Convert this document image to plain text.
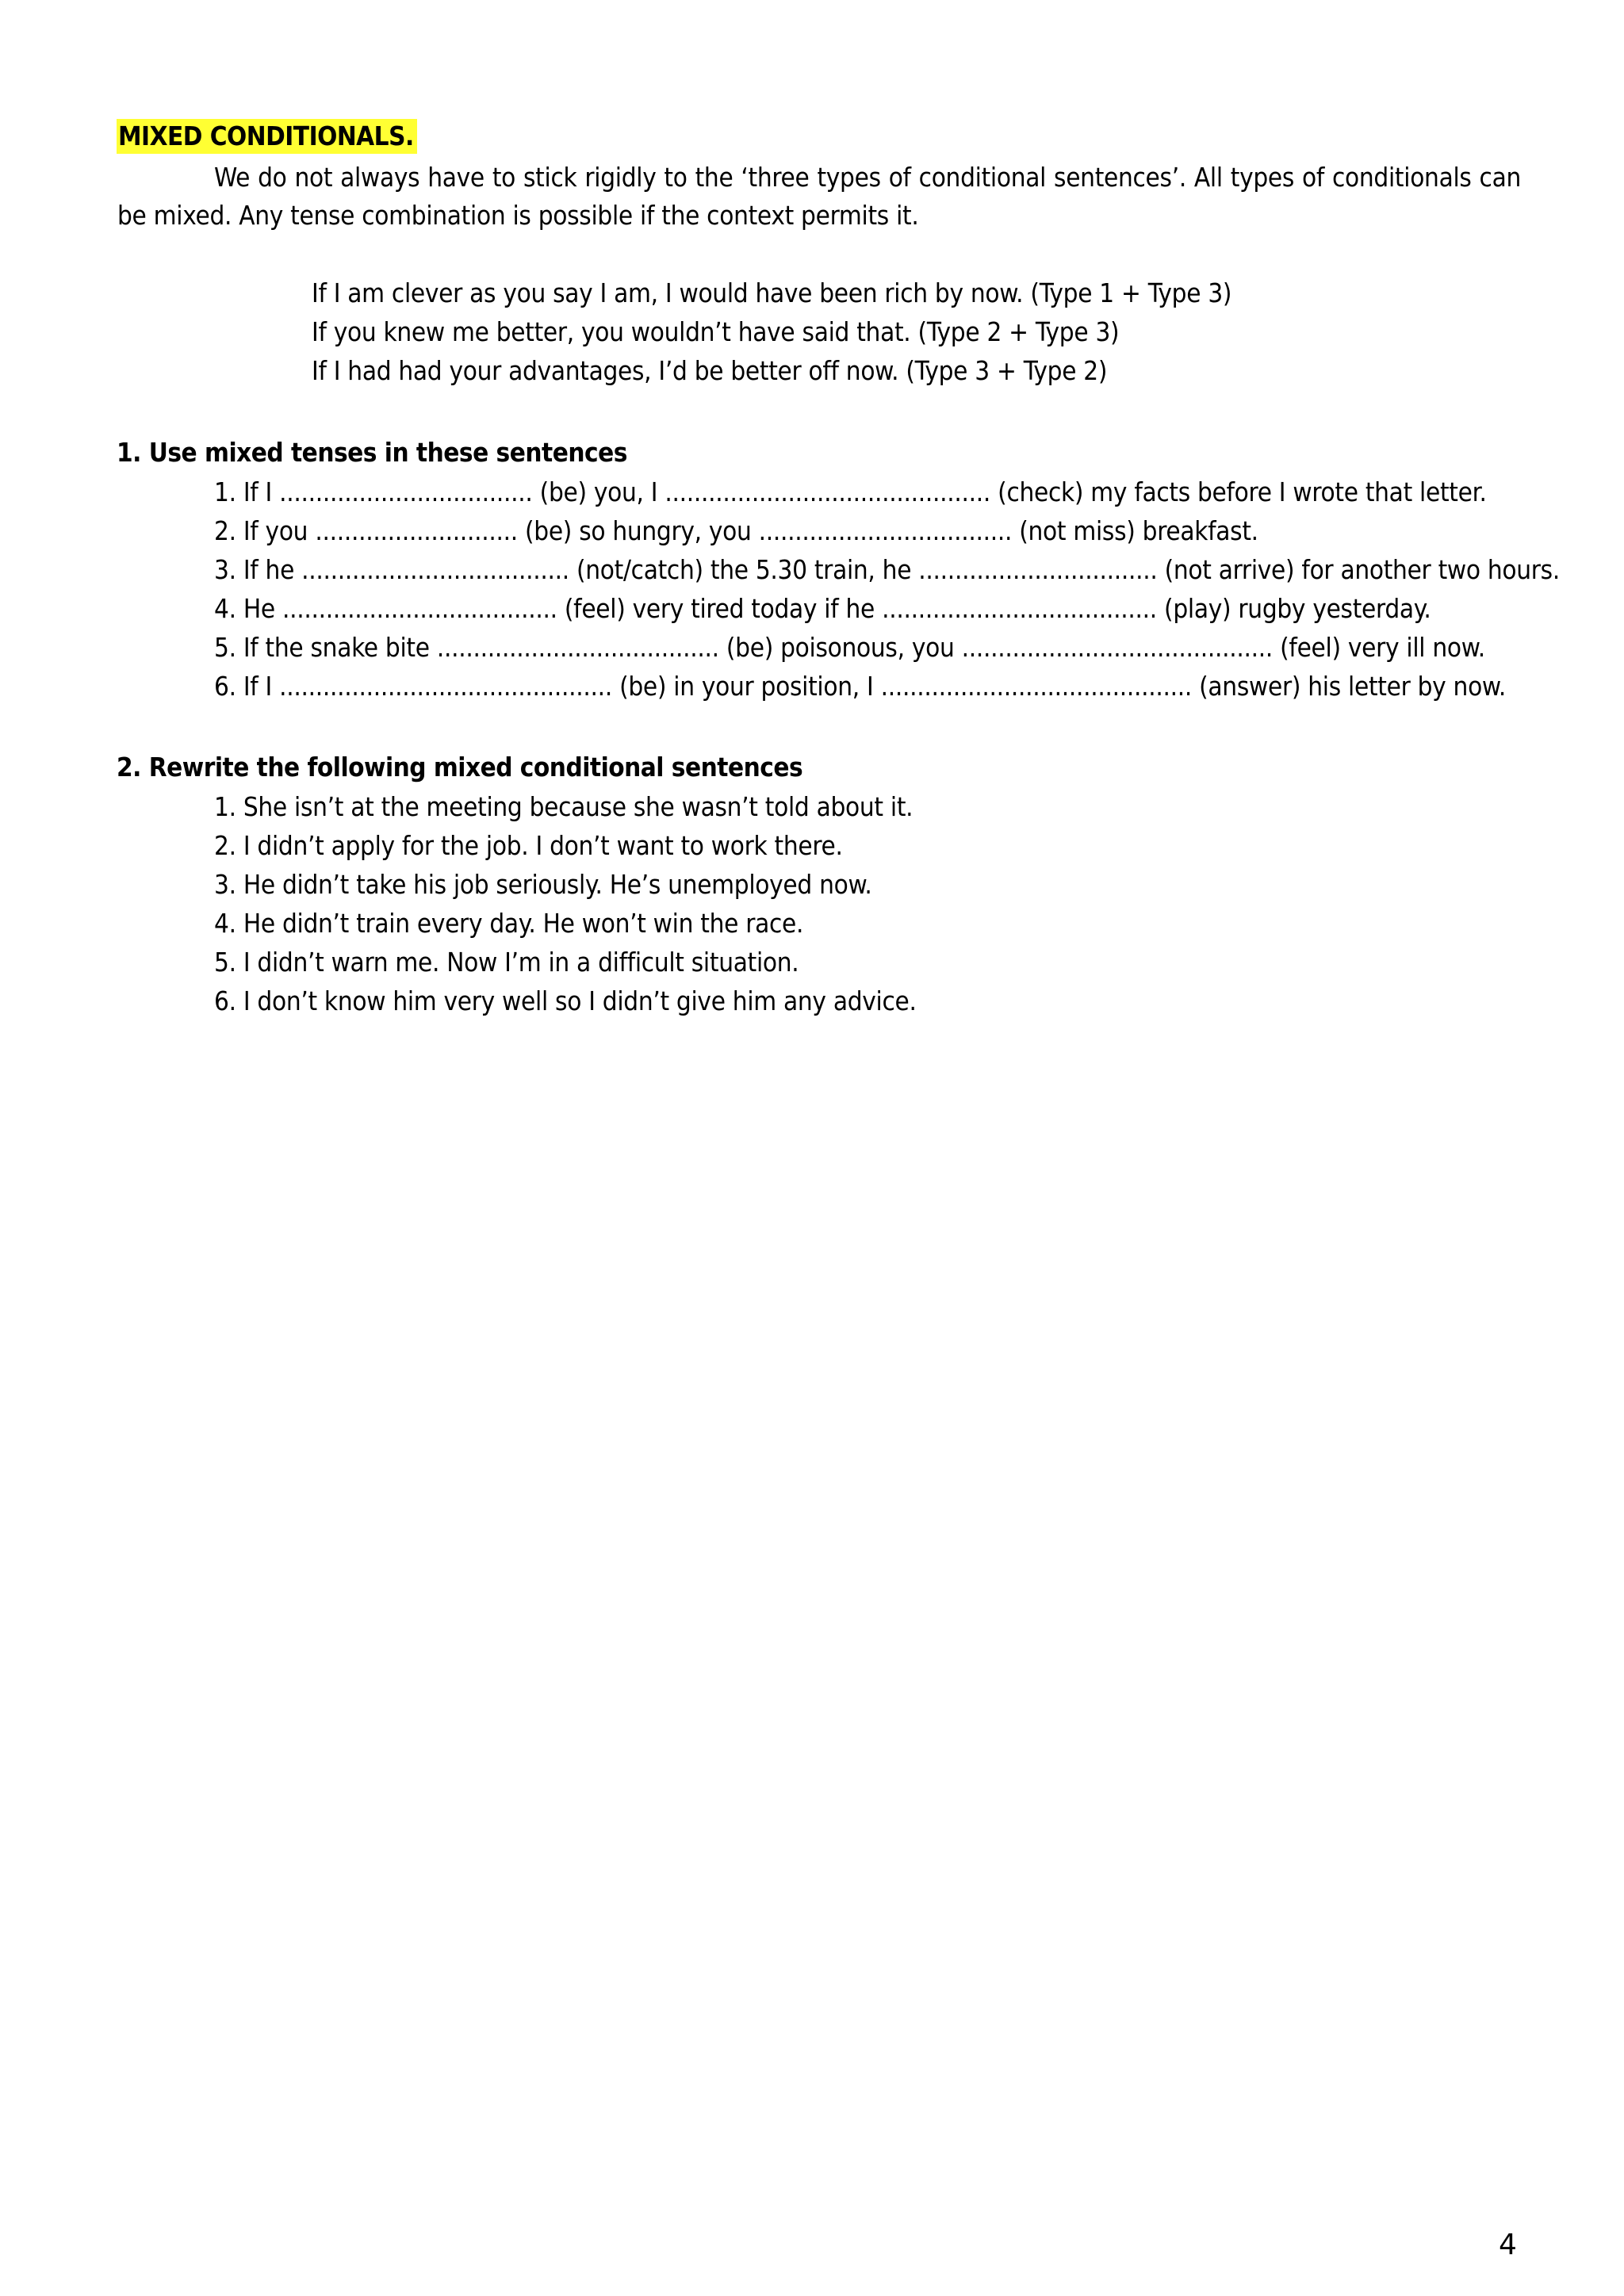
MIXED CONDITIONALS.
We do not always have to stick rigidly to the ‘three types of conditional sentences’. All types of conditionals can be mixed. Any tense combination is possible if the context permits it.
If I am clever as you say I am, I would have been rich by now. (Type 1 + Type 3)
If you knew me better, you wouldn’t have said that. (Type 2 + Type 3)
If I had had your advantages, I’d be better off now. (Type 3 + Type 2)
1. Use mixed tenses in these sentences
1. If I ................................... (be) you, I ............................................. (check) my facts before I wrote that letter.
2. If you ............................ (be) so hungry, you ................................... (not miss) breakfast.
3. If he ..................................... (not/catch) the 5.30 train, he ................................. (not arrive) for another two hours.
4. He ...................................... (feel) very tired today if he ...................................... (play) rugby yesterday.
5. If the snake bite ....................................... (be) poisonous, you ........................................... (feel) very ill now.
6. If I .............................................. (be) in your position, I ........................................... (answer) his letter by now.
2. Rewrite the following mixed conditional sentences
1. She isn’t at the meeting because she wasn’t told about it.
2. I didn’t apply for the job. I don’t want to work there.
3. He didn’t take his job seriously. He’s unemployed now.
4. He didn’t train every day. He won’t win the race.
5. I didn’t warn me. Now I’m in a difficult situation.
6. I don’t know him very well so I didn’t give him any advice.
4
